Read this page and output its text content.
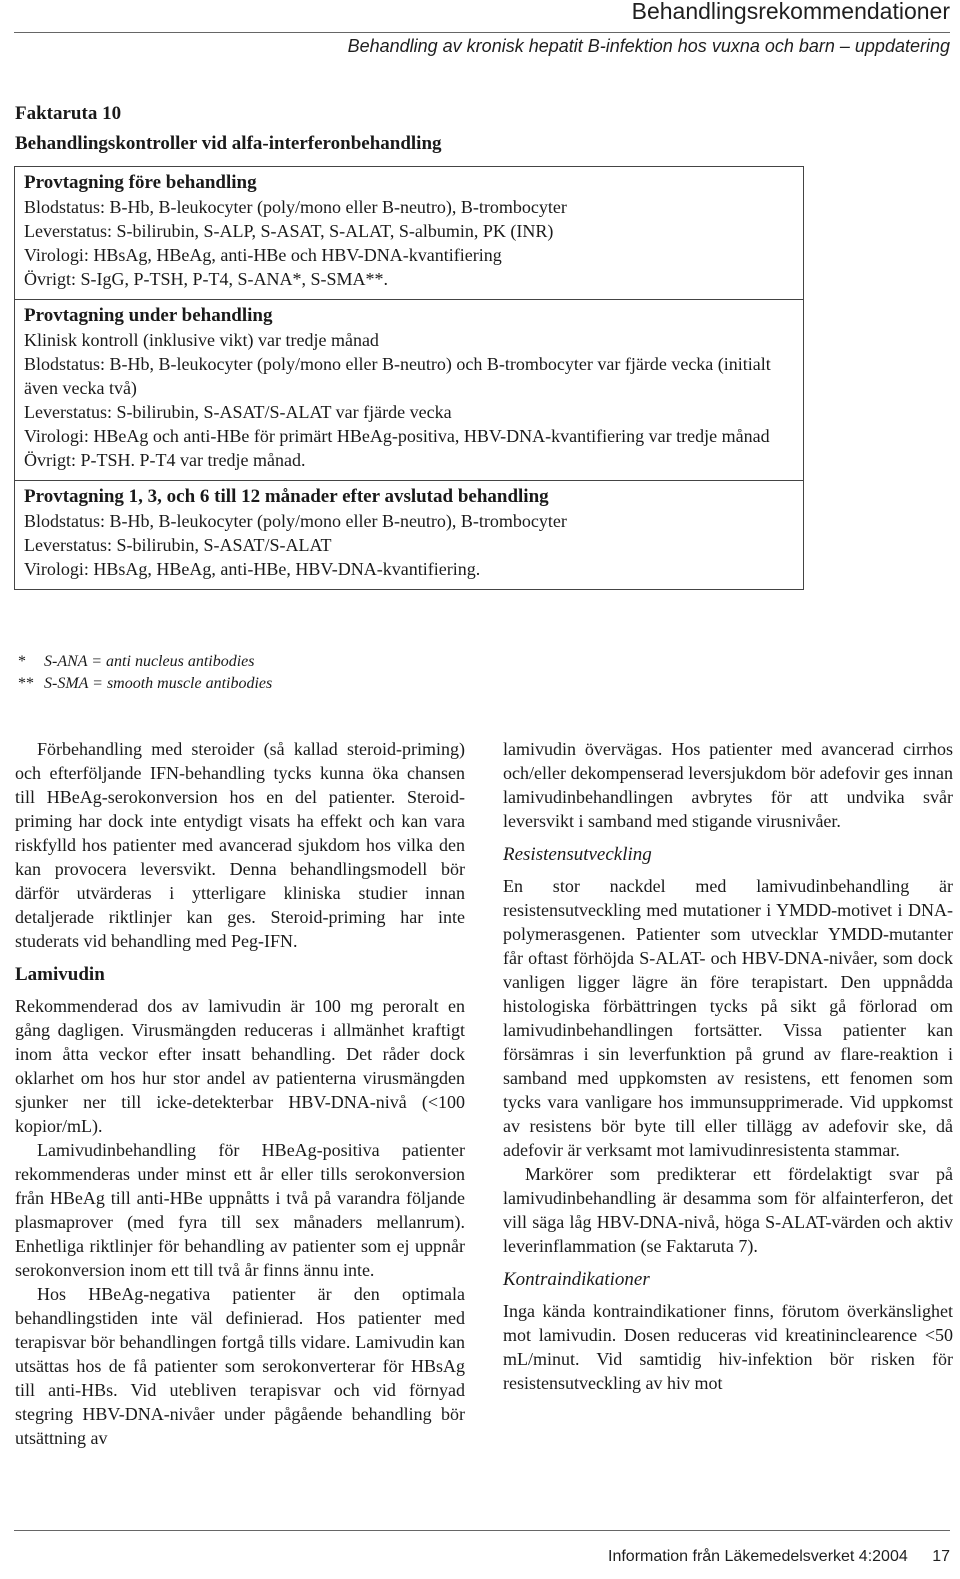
Behandlingsrekommendationer
Behandling av kronisk hepatit B-infektion hos vuxna och barn – uppdatering
Faktaruta 10
Behandlingskontroller vid alfa-interferonbehandling
Provtagning före behandling
Blodstatus: B-Hb, B-leukocyter (poly/mono eller B-neutro), B-trombocyter
Leverstatus: S-bilirubin, S-ALP, S-ASAT, S-ALAT, S-albumin, PK (INR)
Virologi: HBsAg, HBeAg, anti-HBe och HBV-DNA-kvantifiering
Övrigt: S-IgG, P-TSH, P-T4, S-ANA*, S-SMA**.
Provtagning under behandling
Klinisk kontroll (inklusive vikt) var tredje månad
Blodstatus: B-Hb, B-leukocyter (poly/mono eller B-neutro) och B-trombocyter var fjärde vecka (initialt även vecka två)
Leverstatus: S-bilirubin, S-ASAT/S-ALAT var fjärde vecka
Virologi: HBeAg och anti-HBe för primärt HBeAg-positiva, HBV-DNA-kvantifiering var tredje månad
Övrigt: P-TSH. P-T4 var tredje månad.
Provtagning 1, 3, och 6 till 12 månader efter avslutad behandling
Blodstatus: B-Hb, B-leukocyter (poly/mono eller B-neutro), B-trombocyter
Leverstatus: S-bilirubin, S-ASAT/S-ALAT
Virologi: HBsAg, HBeAg, anti-HBe, HBV-DNA-kvantifiering.
*	S-ANA = anti nucleus antibodies
** S-SMA = smooth muscle antibodies

Förbehandling med steroider (så kallad steroid-priming) och efterföljande IFN-behandling tycks kunna öka chansen till HBeAg-serokonversion hos en del patienter. Steroid-priming har dock inte entydigt visats ha effekt och kan vara riskfylld hos patienter med avancerad sjukdom hos vilka den kan provocera leversvikt. Denna behandlingsmodell bör därför utvärderas i ytterligare kliniska studier innan detaljerade riktlinjer kan ges. Steroid-priming har inte studerats vid behandling med Peg-IFN.

Lamivudin

Rekommenderad dos av lamivudin är 100 mg peroralt en gång dagligen. Virusmängden reduceras i allmänhet kraftigt inom åtta veckor efter insatt behandling. Det råder dock oklarhet om hos hur stor andel av patienterna virusmängden sjunker ner till icke-detekterbar HBV-DNA-nivå (<100 kopior/mL).

Lamivudinbehandling för HBeAg-positiva patienter rekommenderas under minst ett år eller tills serokonversion från HBeAg till anti-HBe uppnåtts i två på varandra följande plasmaprover (med fyra till sex månaders mellanrum). Enhetliga riktlinjer för behandling av patienter som ej uppnår serokonversion inom ett till två år finns ännu inte.

Hos HBeAg-negativa patienter är den optimala behandlingstiden inte väl definierad. Hos patienter med terapisvar bör behandlingen fortgå tills vidare. Lamivudin kan utsättas hos de få patienter som serokonverterar för HBsAg till anti-HBs. Vid utebliven terapisvar och vid förnyad stegring HBV-DNA-nivåer under pågående behandling bör utsättning av

lamivudin övervägas. Hos patienter med avancerad cirrhos och/eller dekompenserad leversjukdom bör adefovir ges innan lamivudinbehandlingen avbrytes för att undvika svår leversvikt i samband med stigande virusnivåer.

Resistensutveckling

En stor nackdel med lamivudinbehandling är resistensutveckling med mutationer i YMDD-motivet i DNA-polymerasgenen. Patienter som utvecklar YMDD-mutanter får oftast förhöjda S-ALAT- och HBV-DNA-nivåer, som dock vanligen ligger lägre än före terapistart. Den uppnådda histologiska förbättringen tycks på sikt gå förlorad om lamivudinbehandlingen fortsätter. Vissa patienter kan försämras i sin leverfunktion på grund av flare-reaktion i samband med uppkomsten av resistens, ett fenomen som tycks vara vanligare hos immunsupprimerade. Vid uppkomst av resistens bör byte till eller tillägg av adefovir ske, då adefovir är verksamt mot lamivudinresistenta stammar.

Markörer som predikterar ett fördelaktigt svar på lamivudinbehandling är desamma som för alfainterferon, det vill säga låg HBV-DNA-nivå, höga S-ALAT-värden och aktiv leverinflammation (se Faktaruta 7).

Kontraindikationer

Inga kända kontraindikationer finns, förutom överkänslighet mot lamivudin. Dosen reduceras vid kreatininclearence <50 mL/minut. Vid samtidig hiv-infektion bör risken för resistensutveckling av hiv mot

Information från Läkemedelsverket 4:2004 17
